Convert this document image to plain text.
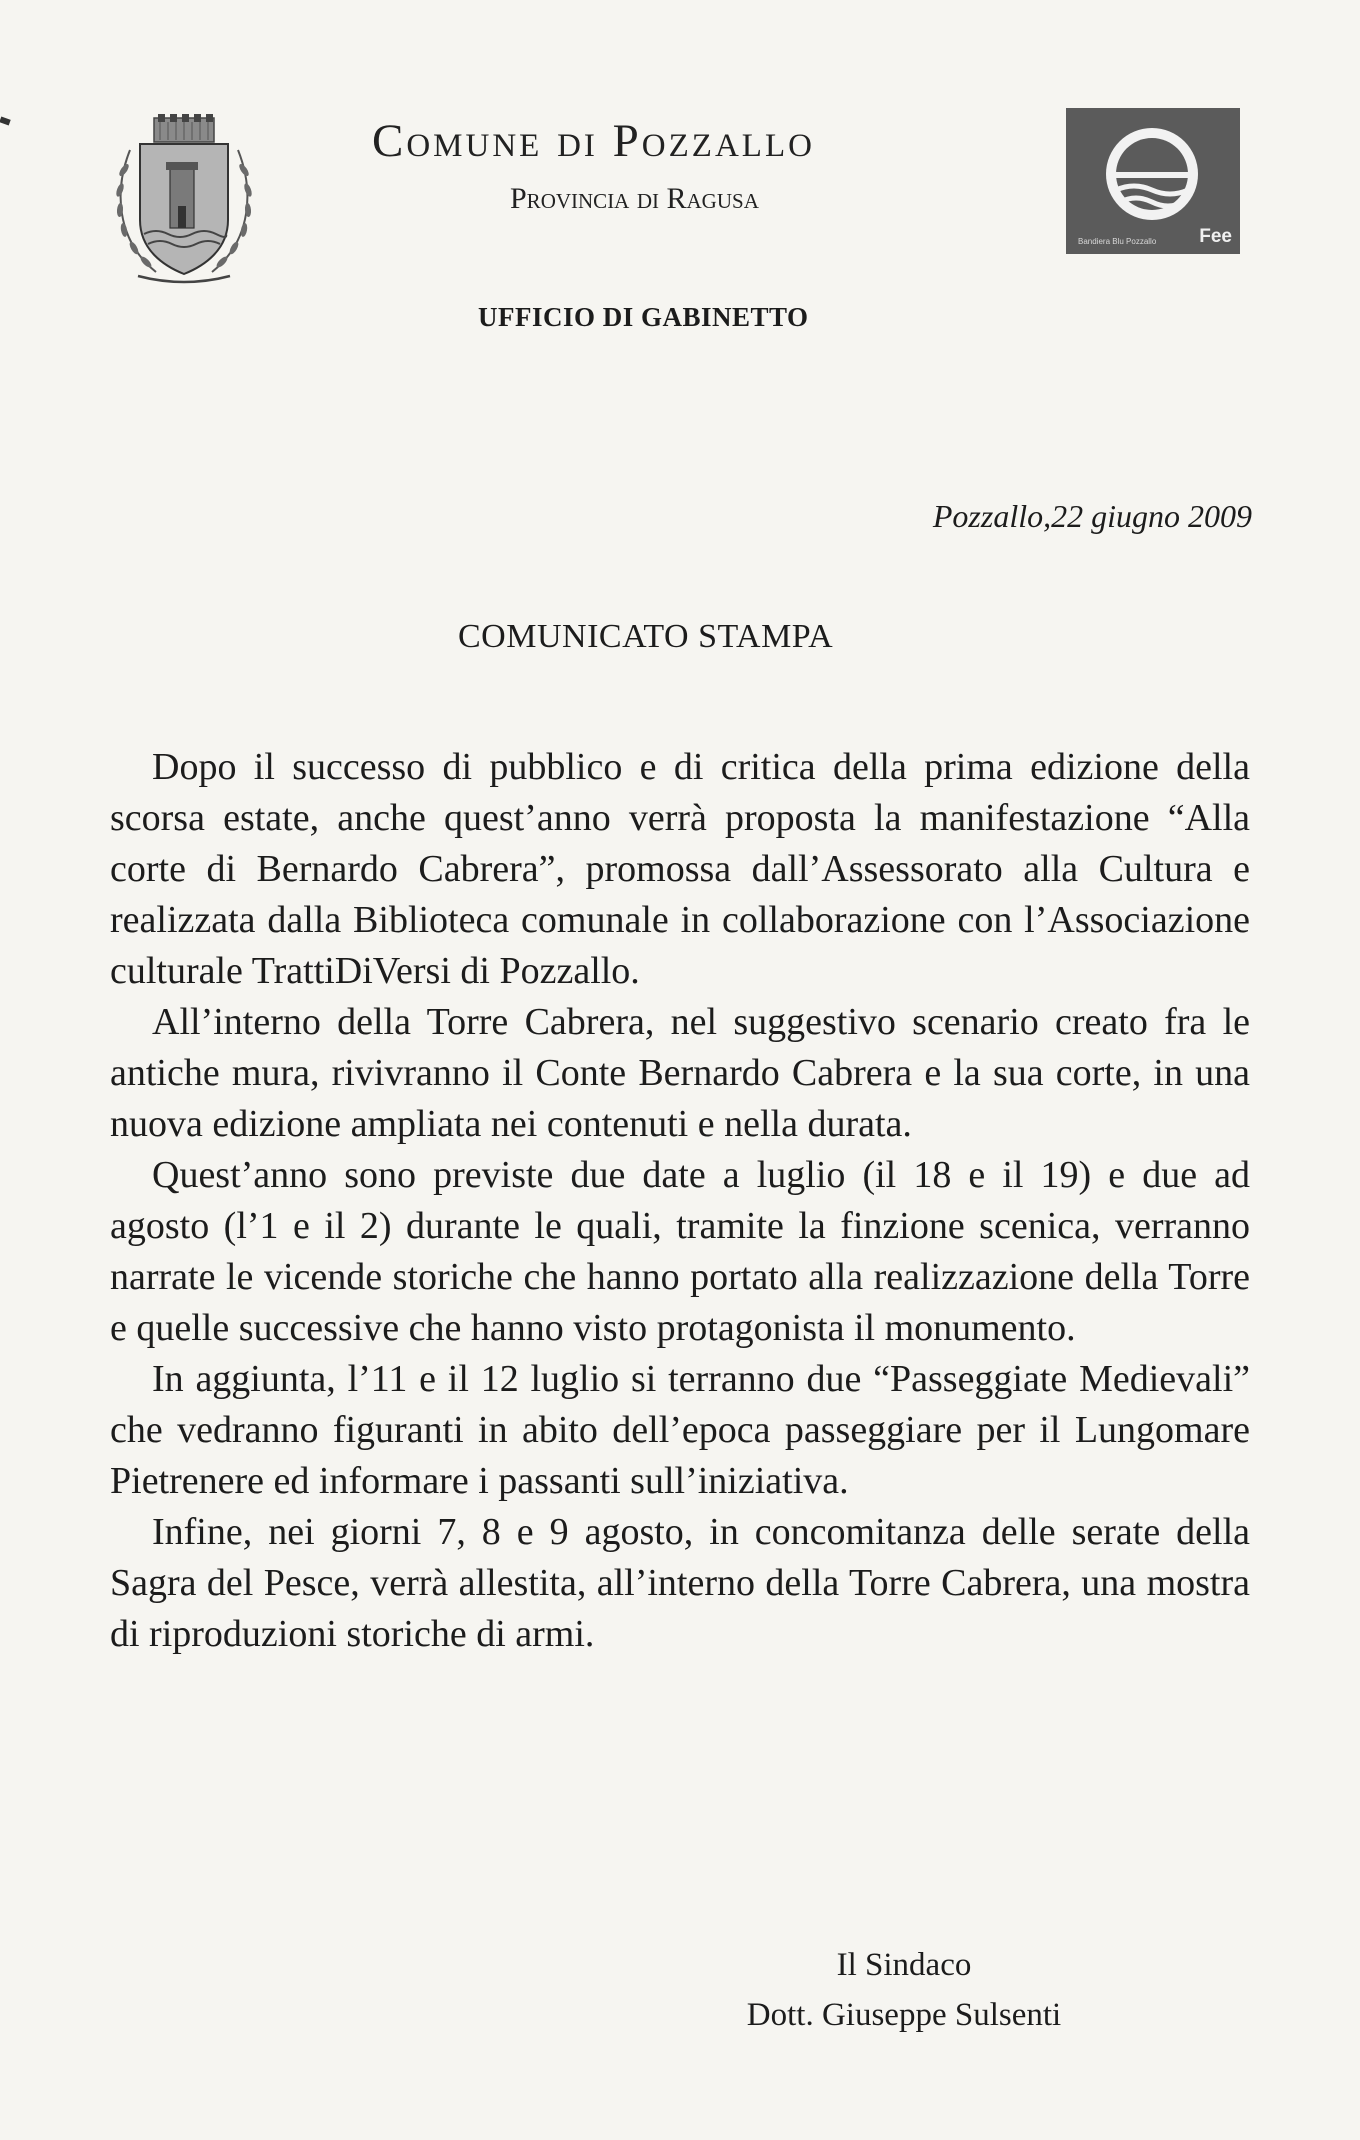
Comune di Pozzallo
Provincia di Ragusa
Bandiera Blu Pozzallo Fee
UFFICIO DI GABINETTO
Pozzallo,22 giugno 2009
COMUNICATO STAMPA

Dopo il successo di pubblico e di critica della prima edizione della scorsa estate, anche quest’anno verrà proposta la manifestazione “Alla corte di Bernardo Cabrera”, promossa dall’Assessorato alla Cultura e realizzata dalla Biblioteca comunale in collaborazione con l’Associazione culturale TrattiDiVersi di Pozzallo.

All’interno della Torre Cabrera, nel suggestivo scenario creato fra le antiche mura, rivivranno il Conte Bernardo Cabrera e la sua corte, in una nuova edizione ampliata nei contenuti e nella durata.

Quest’anno sono previste due date a luglio (il 18 e il 19) e due ad agosto (l’1 e il 2) durante le quali, tramite la finzione scenica, verranno narrate le vicende storiche che hanno portato alla realizzazione della Torre e quelle successive che hanno visto protagonista il monumento.

In aggiunta, l’11 e il 12 luglio si terranno due “Passeggiate Medievali” che vedranno figuranti in abito dell’epoca passeggiare per il Lungomare Pietrenere ed informare i passanti sull’iniziativa.

Infine, nei giorni 7, 8 e 9 agosto, in concomitanza delle serate della Sagra del Pesce, verrà allestita, all’interno della Torre Cabrera, una mostra di riproduzioni storiche di armi.

Il Sindaco
Dott. Giuseppe Sulsenti
